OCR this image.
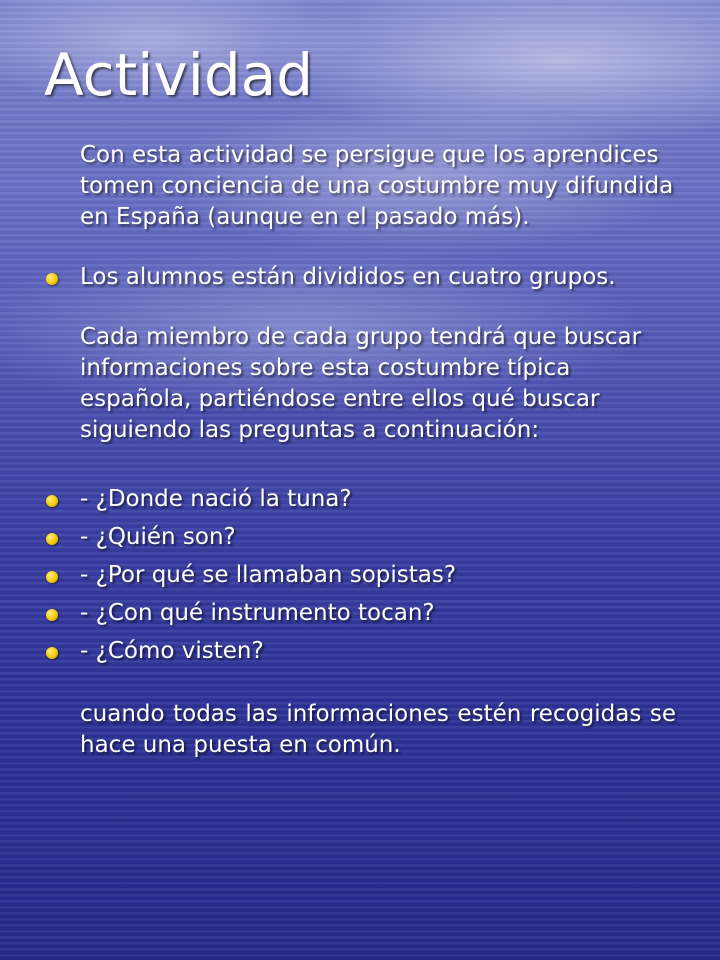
Actividad

Con esta actividad se persigue que los aprendices tomen conciencia de una costumbre muy difundida en España (aunque en el pasado más).

Los alumnos están divididos en cuatro grupos.

Cada miembro de cada grupo tendrá que buscar informaciones sobre esta costumbre típica española, partiéndose entre ellos qué buscar siguiendo las preguntas a continuación:

- ¿Donde nació la tuna?

- ¿Quién son?

- ¿Por qué se llamaban sopistas?

- ¿Con qué instrumento tocan?

- ¿Cómo visten?

cuando todas las informaciones estén recogidas se hace una puesta en común.
